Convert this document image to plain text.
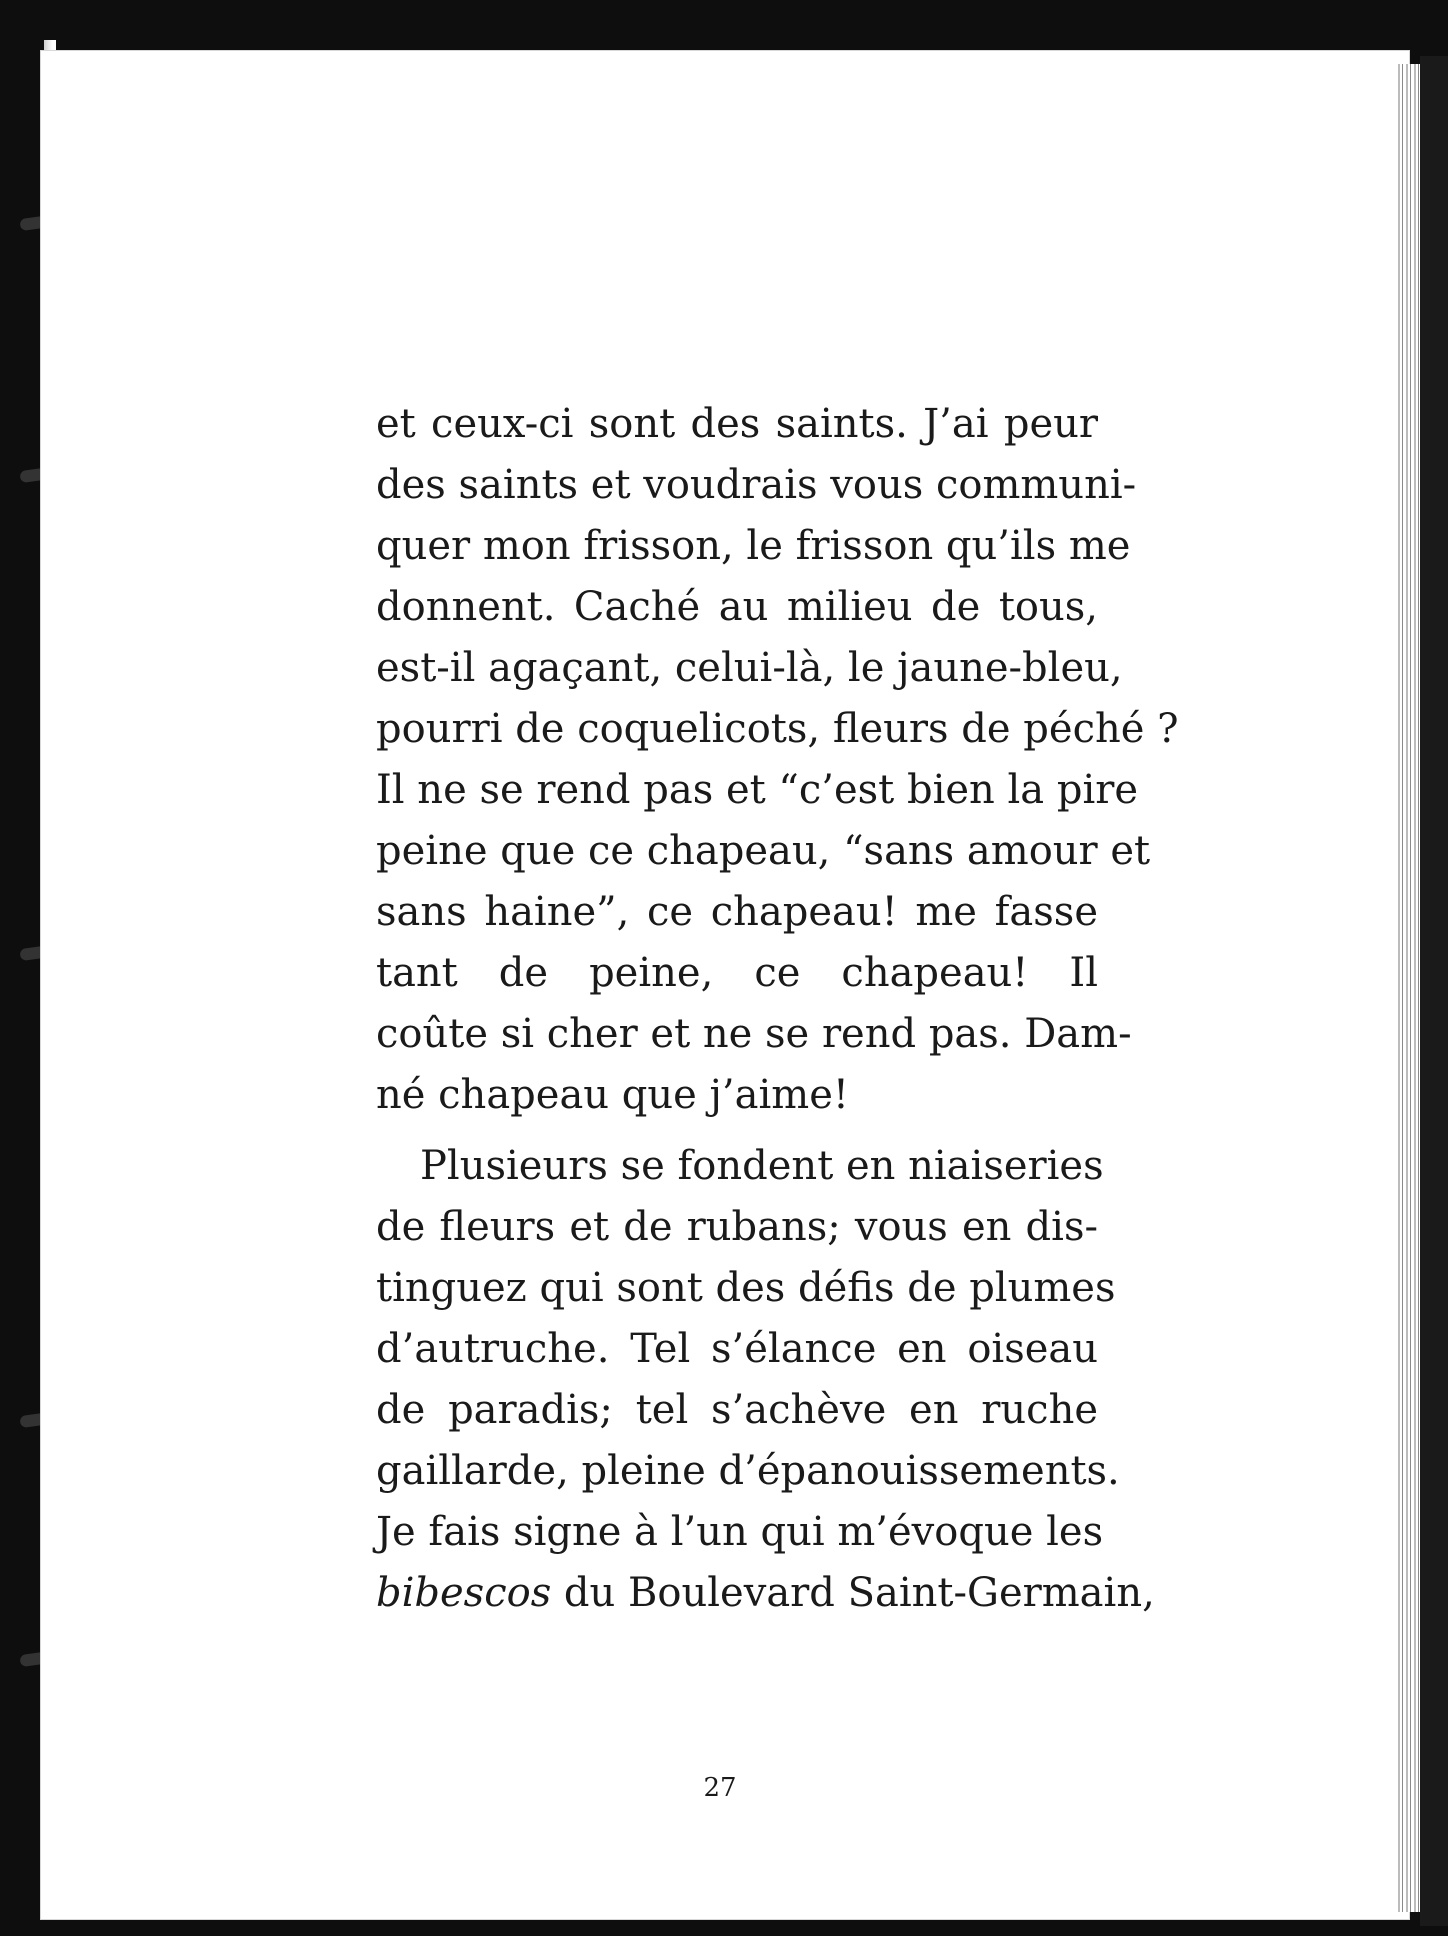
et ceux-ci sont des saints. J’ai peur
des saints et voudrais vous communi-
quer mon frisson, le frisson qu’ils me
donnent. Caché au milieu de tous,
est-il agaçant, celui-là, le jaune-bleu,
pourri de coquelicots, fleurs de péché ?
Il ne se rend pas et “c’est bien la pire
peine que ce chapeau, “sans amour et
sans haine”, ce chapeau! me fasse
tant de peine, ce chapeau! Il
coûte si cher et ne se rend pas. Dam-
né chapeau que j’aime!
Plusieurs se fondent en niaiseries
de fleurs et de rubans; vous en dis-
tinguez qui sont des défis de plumes
d’autruche. Tel s’élance en oiseau
de paradis; tel s’achève en ruche
gaillarde, pleine d’épanouissements.
Je fais signe à l’un qui m’évoque les
bibescos du Boulevard Saint-Germain,
27
